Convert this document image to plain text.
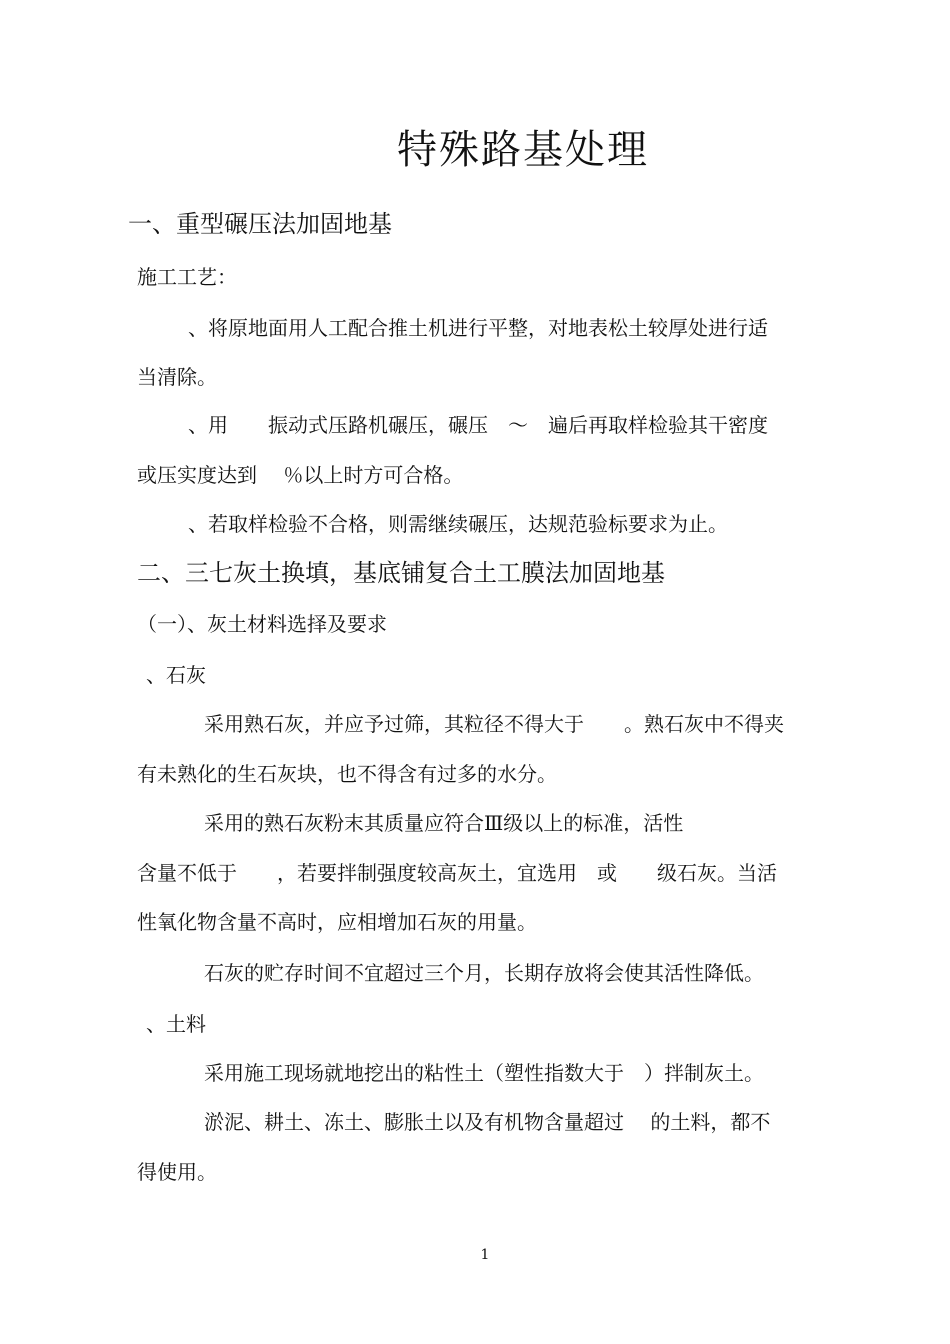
特殊路基处理
一、重型碾压法加固地基
施工工艺：
、将原地面用人工配合推土机进行平整，对地表松土较厚处进行适
当清除。
、用　　振动式压路机碾压，碾压　～　遍后再取样检验其干密度
或压实度达到　 ％以上时方可合格。
、若取样检验不合格，则需继续碾压，达规范验标要求为止。
二、三七灰土换填，基底铺复合土工膜法加固地基
（一）、灰土材料选择及要求
、石灰
采用熟石灰，并应予过筛，其粒径不得大于　　。熟石灰中不得夹
有未熟化的生石灰块，也不得含有过多的水分。
采用的熟石灰粉末其质量应符合Ⅲ级以上的标准，活性
含量不低于　　，若要拌制强度较高灰土，宜选用　或　　级石灰。当活
性氧化物含量不高时，应相增加石灰的用量。
石灰的贮存时间不宜超过三个月，长期存放将会使其活性降低。
、土料
采用施工现场就地挖出的粘性土（塑性指数大于　）拌制灰土。
淤泥、耕土、冻土、膨胀土以及有机物含量超过　 的土料，都不
得使用。
1
